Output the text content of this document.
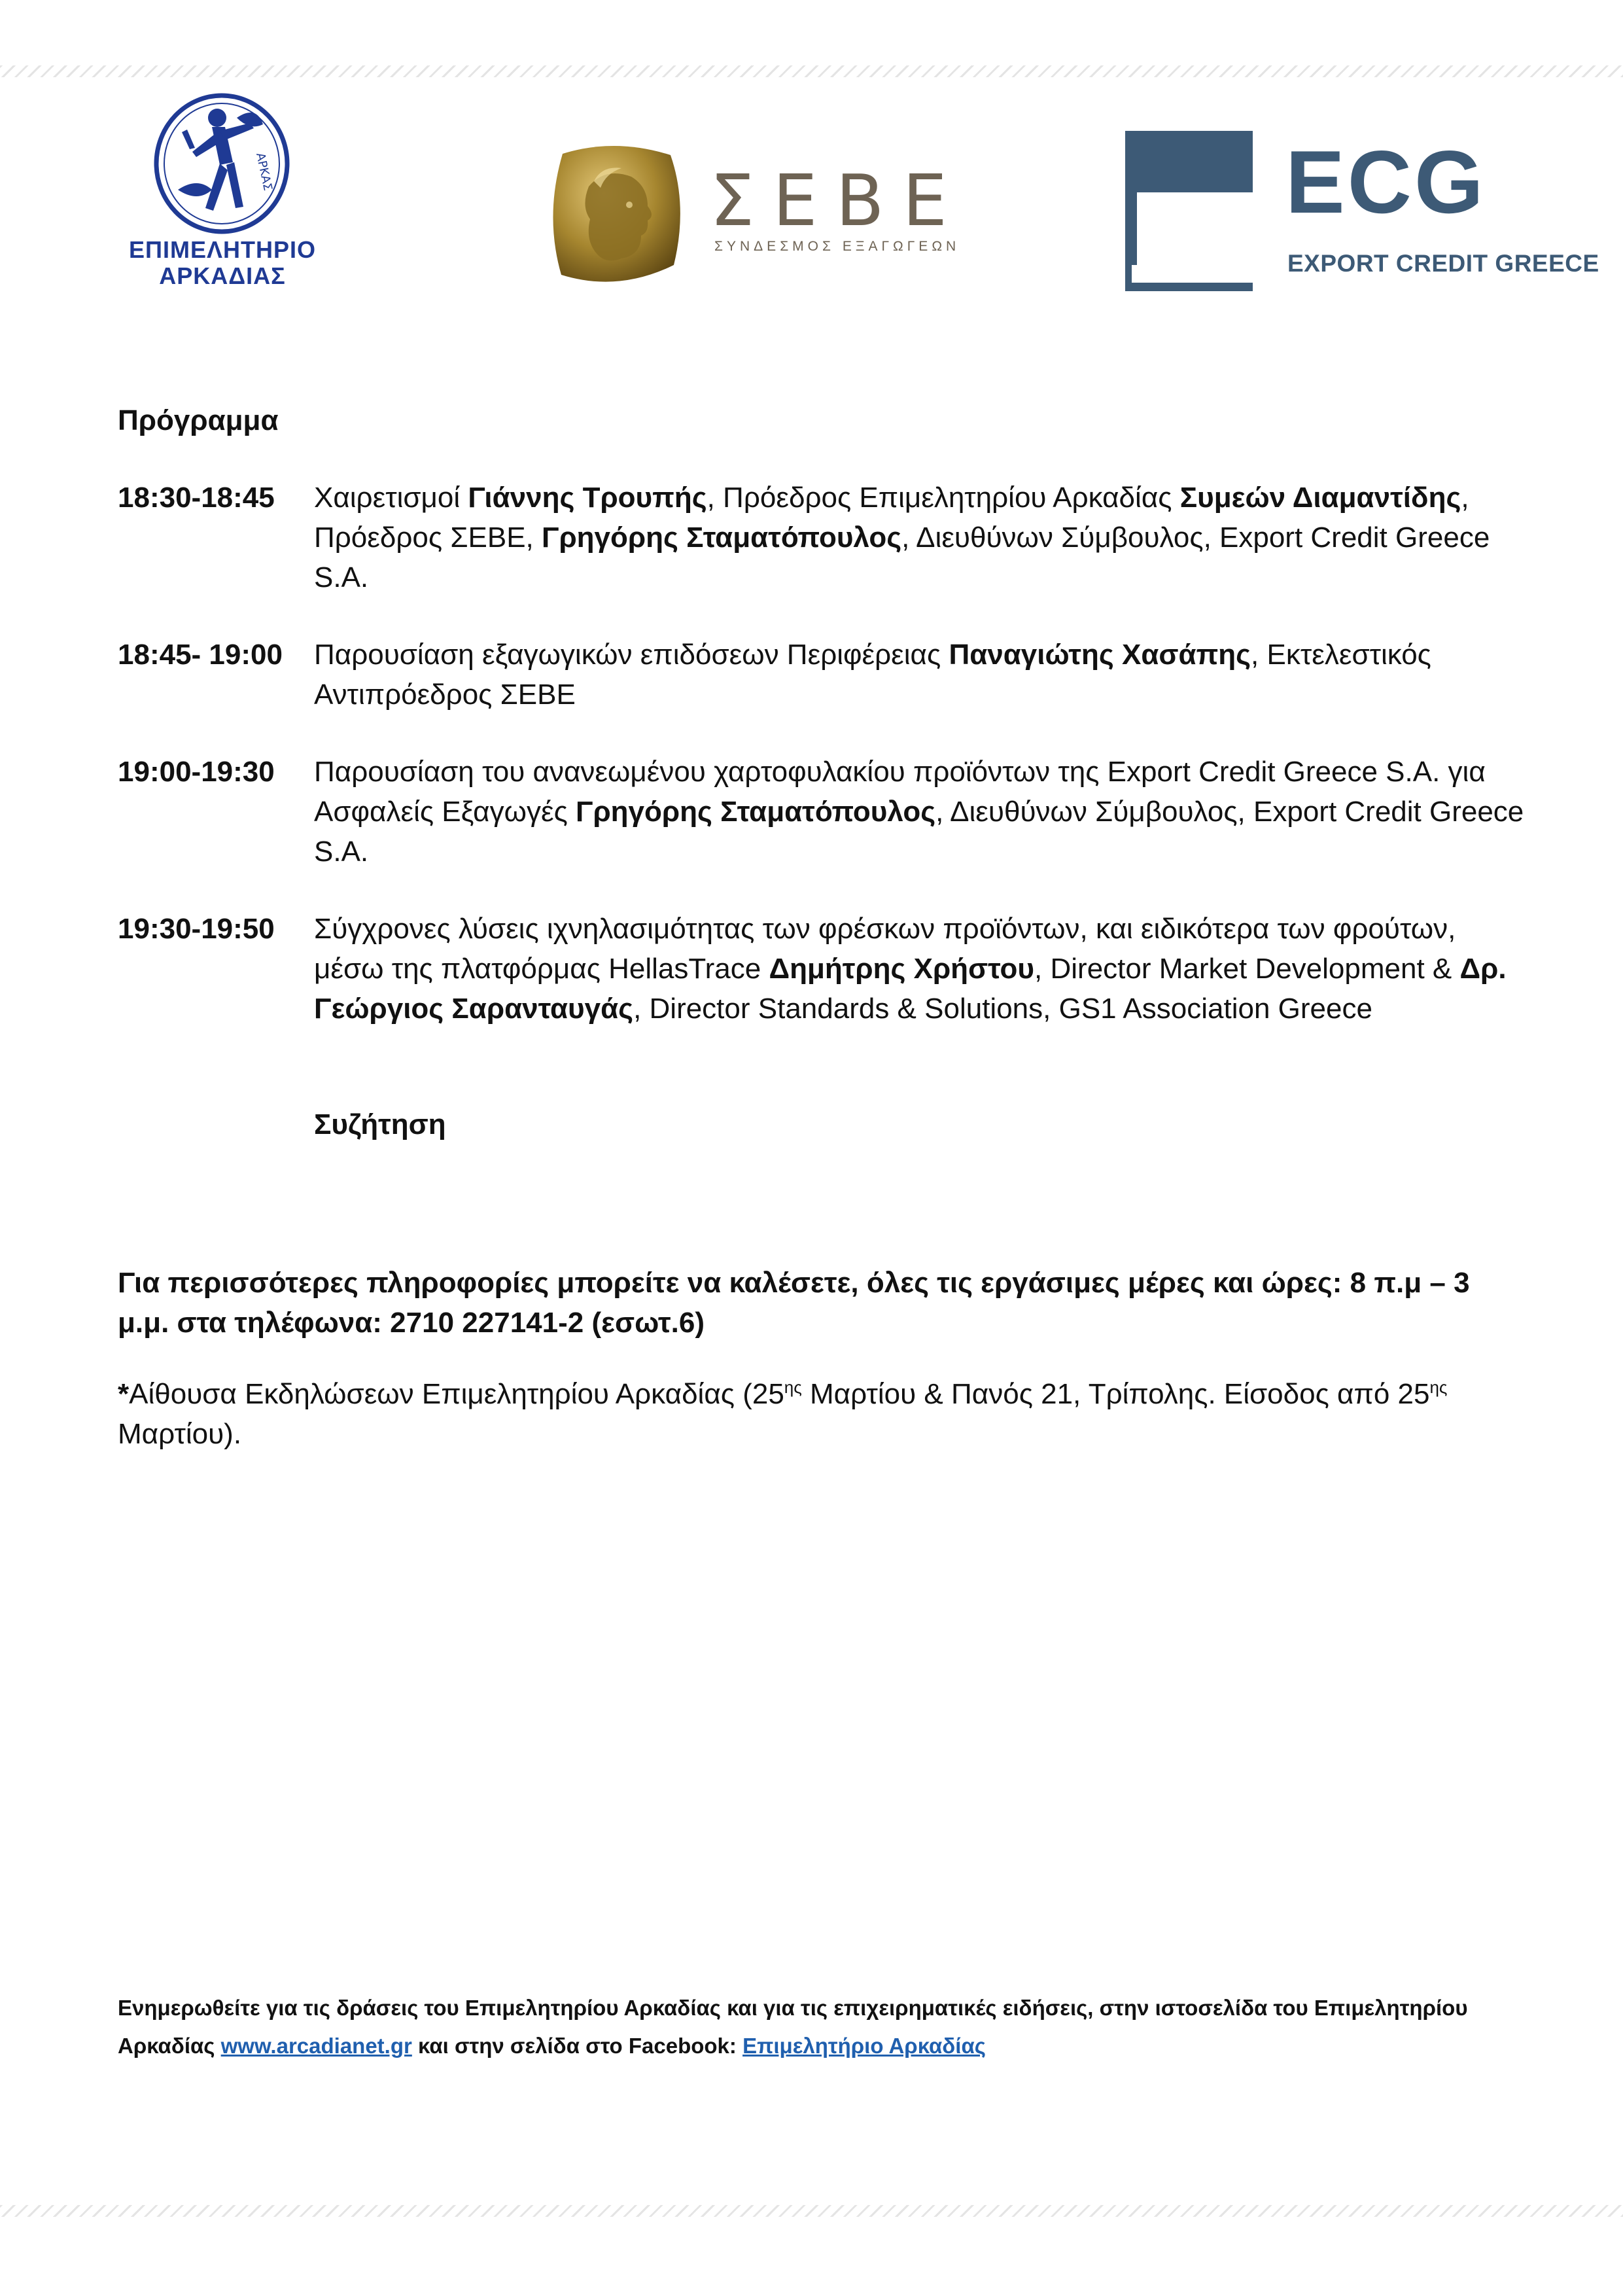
ΑΡΚΑΣ
ΕΠΙΜΕΛΗΤΗΡΙΟ
ΑΡΚΑΔΙΑΣ
ΣΕΒΕ
ΣΥΝΔΕΣΜΟΣ ΕΞΑΓΩΓΕΩΝ
ECG
EXPORT CREDIT GREECE
Πρόγραμμα
18:30-18:45 Χαιρετισμοί Γιάννης Τρουπής, Πρόεδρος Επιμελητηρίου Αρκαδίας Συμεών Διαμαντίδης, Πρόεδρος ΣΕΒΕ, Γρηγόρης Σταματόπουλος, Διευθύνων Σύμβουλος, Export Credit Greece S.A.
18:45- 19:00 Παρουσίαση εξαγωγικών επιδόσεων Περιφέρειας Παναγιώτης Χασάπης, Εκτελεστικός Αντιπρόεδρος ΣΕΒΕ
19:00-19:30 Παρουσίαση του ανανεωμένου χαρτοφυλακίου προϊόντων της Export Credit Greece S.A. για Ασφαλείς Εξαγωγές Γρηγόρης Σταματόπουλος, Διευθύνων Σύμβουλος, Export Credit Greece S.A.
19:30-19:50 Σύγχρονες λύσεις ιχνηλασιμότητας των φρέσκων προϊόντων, και ειδικότερα των φρούτων, μέσω της πλατφόρμας HellasTrace Δημήτρης Χρήστου, Director Market Development & Δρ. Γεώργιος Σαρανταυγάς, Director Standards & Solutions, GS1 Association Greece
Συζήτηση
Για περισσότερες πληροφορίες μπορείτε να καλέσετε, όλες τις εργάσιμες μέρες και ώρες: 8 π.μ – 3 μ.μ. στα τηλέφωνα: 2710 227141-2 (εσωτ.6)
*Αίθουσα Εκδηλώσεων Επιμελητηρίου Αρκαδίας ($25^{\eta\varsigma}$ Μαρτίου & Πανός 21, Τρίπολης. Είσοδος από $25^{\eta\varsigma}$ Μαρτίου).
Ενημερωθείτε για τις δράσεις του Επιμελητηρίου Αρκαδίας και για τις επιχειρηματικές ειδήσεις, στην ιστοσελίδα του Επιμελητηρίου Αρκαδίας www.arcadianet.gr και στην σελίδα στο Facebook: Επιμελητήριο Αρκαδίας
